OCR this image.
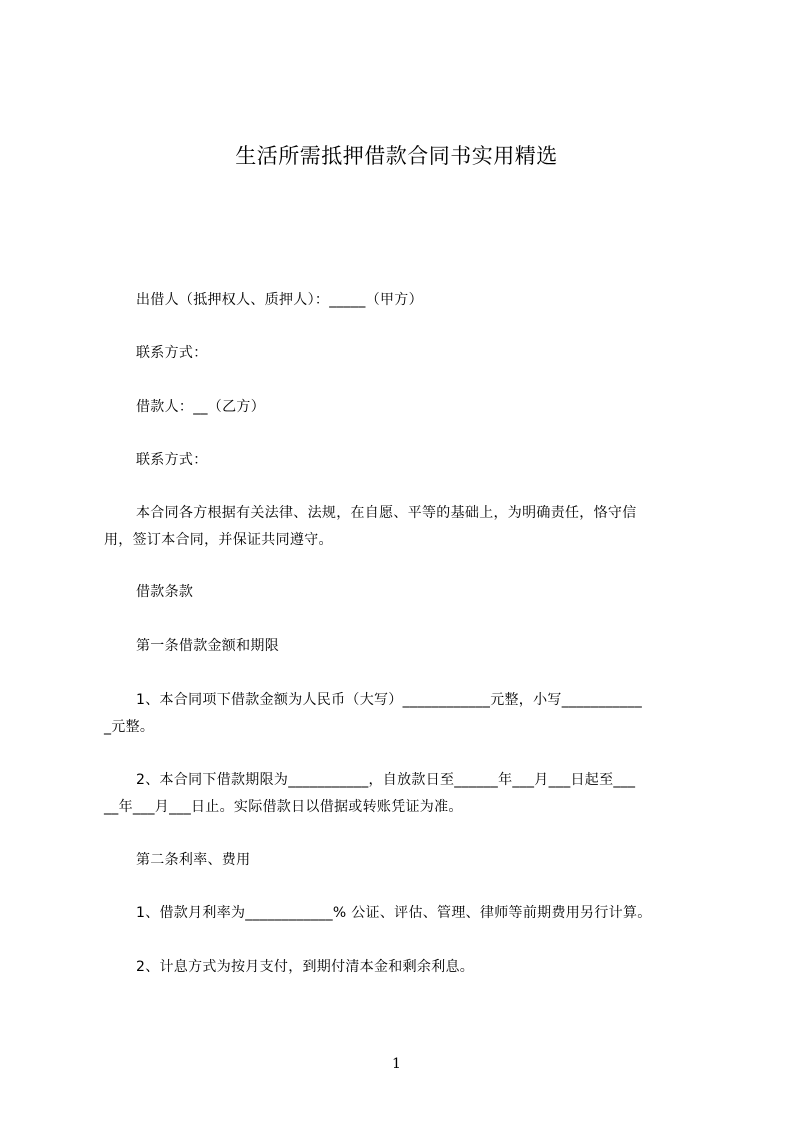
生活所需抵押借款合同书实用精选
出借人（抵押权人、质押人）：_____（甲方）
联系方式：
借款人：__（乙方）
联系方式：
本合同各方根据有关法律、法规，在自愿、平等的基础上，为明确责任，恪守信
用，签订本合同，并保证共同遵守。
借款条款
第一条借款金额和期限
1、本合同项下借款金额为人民币（大写）____________元整，小写___________
_元整。
2、本合同下借款期限为___________，自放款日至______年___月___日起至___
__年___月___日止。实际借款日以借据或转账凭证为准。
第二条利率、费用
1、借款月利率为____________% 公证、评估、管理、律师等前期费用另行计算。
2、计息方式为按月支付，到期付清本金和剩余利息。
1
